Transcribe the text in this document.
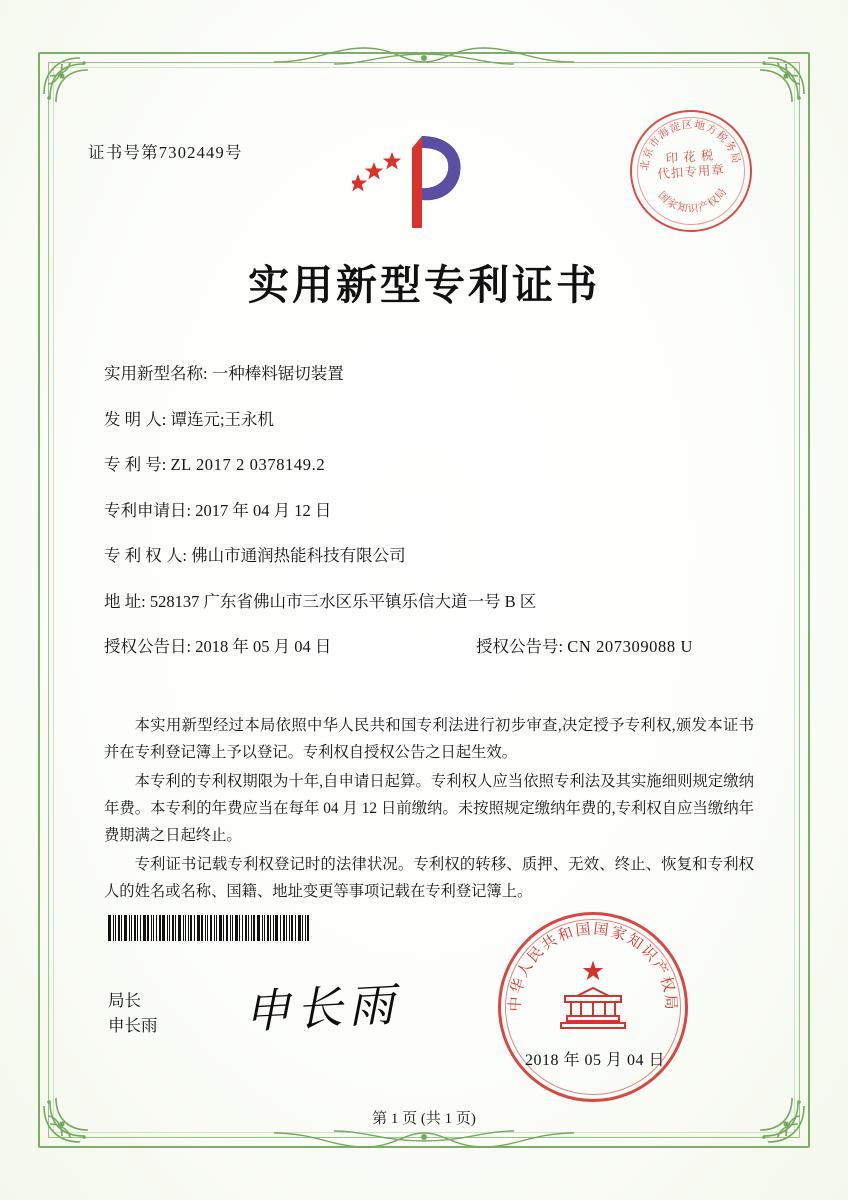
证书号第7302449号
北京市海淀区地方税务局
国家知识产权局
印 花 税
代扣专用章
实用新型专利证书
实用新型名称: 一种棒料锯切装置
发 明 人: 谭连元;王永机
专 利 号: ZL 2017 2 0378149.2
专利申请日: 2017 年 04 月 12 日
专 利 权 人: 佛山市通润热能科技有限公司
地 址: 528137 广东省佛山市三水区乐平镇乐信大道一号 B 区
授权公告日: 2018 年 05 月 04 日	授权公告号: CN 207309088 U

本实用新型经过本局依照中华人民共和国专利法进行初步审查,决定授予专利权,颁发本证书并在专利登记簿上予以登记。专利权自授权公告之日起生效。

本专利的专利权期限为十年,自申请日起算。专利权人应当依照专利法及其实施细则规定缴纳年费。本专利的年费应当在每年 04 月 12 日前缴纳。未按照规定缴纳年费的,专利权自应当缴纳年费期满之日起终止。

专利证书记载专利权登记时的法律状况。专利权的转移、质押、无效、终止、恢复和专利权人的姓名或名称、国籍、地址变更等事项记载在专利登记簿上。

局长
申长雨 申长雨	中华人民共和国国家知识产权局
★
2018 年 05 月 04 日
第 1 页 (共 1 页)
